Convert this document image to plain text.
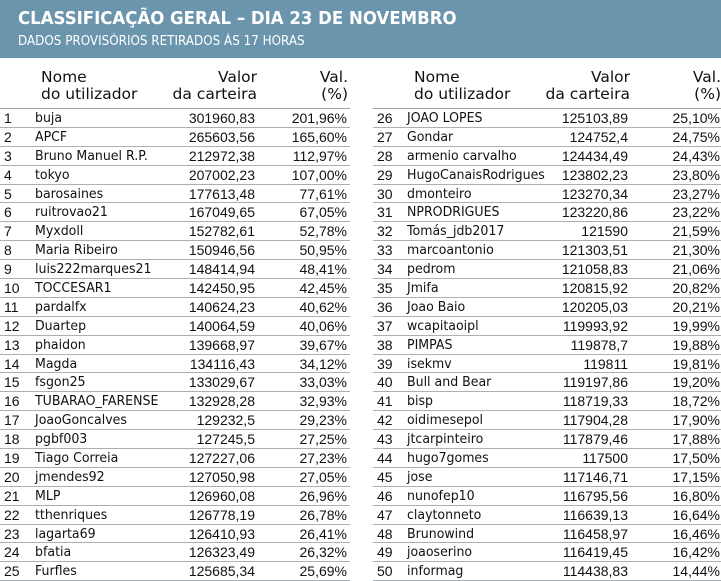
CLASSIFICAÇÃO GERAL – DIA 23 DE NOVEMBRO
DADOS PROVISÓRIOS RETIRADOS ÀS 17 HORAS
Nome
do utilizador
Valor
da carteira
Val.
(%)
1 buja	301960,83	201,96%
2 APCF	265603,56	165,60%
3 Bruno Manuel R.P.	212972,38	112,97%
4 tokyo	207002,23	107,00%
5 barosaines	177613,48	77,61%
6 ruitrovao21	167049,65	67,05%
7 Myxdoll	152782,61	52,78%
8 Maria Ribeiro	150946,56	50,95%
9 luis222marques21	148414,94	48,41%
10 TOCCESAR1	142450,95	42,45%
11 pardalfx	140624,23	40,62%
12 Duartep	140064,59	40,06%
13 phaidon	139668,97	39,67%
14 Magda	134116,43	34,12%
15 fsgon25	133029,67	33,03%
16 TUBARAO_FARENSE 132928,28	32,93%
17 JoaoGoncalves	129232,5	29,23%
18 pgbf003	127245,5	27,25%
19 Tiago Correia	127227,06	27,23%
20 jmendes92	127050,98	27,05%
21 MLP	126960,08	26,96%
22 tthenriques	126778,19	26,78%
23 lagarta69	126410,93	26,41%
24 bfatia	126323,49	26,32%
25 Furfles	125685,34	25,69%
Nome
do utilizador
Valor
da carteira
Val.
(%)
26 JOAO LOPES	125103,89	25,10%
27 Gondar	124752,4	24,75%
28 armenio carvalho	124434,49	24,43%
29 HugoCanaisRodrigues 123802,23	23,80%
30 dmonteiro	123270,34	23,27%
31 NPRODRIGUES	123220,86	23,22%
32 Tomás_jdb2017	121590	21,59%
33 marcoantonio	121303,51	21,30%
34 pedrom	121058,83	21,06%
35 Jmifa	120815,92	20,82%
36 Joao Baio	120205,03	20,21%
37 wcapitaoipl	119993,92	19,99%
38 PIMPAS	119878,7	19,88%
39 isekmv	119811	19,81%
40 Bull and Bear	119197,86	19,20%
41 bisp	118719,33	18,72%
42 oidimesepol	117904,28	17,90%
43 jtcarpinteiro	117879,46	17,88%
44 hugo7gomes	117500	17,50%
45 jose	117146,71	17,15%
46 nunofep10	116795,56	16,80%
47 claytonneto	116639,13	16,64%
48 Brunowind	116458,97	16,46%
49 joaoserino	116419,45	16,42%
50 informag	114438,83	14,44%
